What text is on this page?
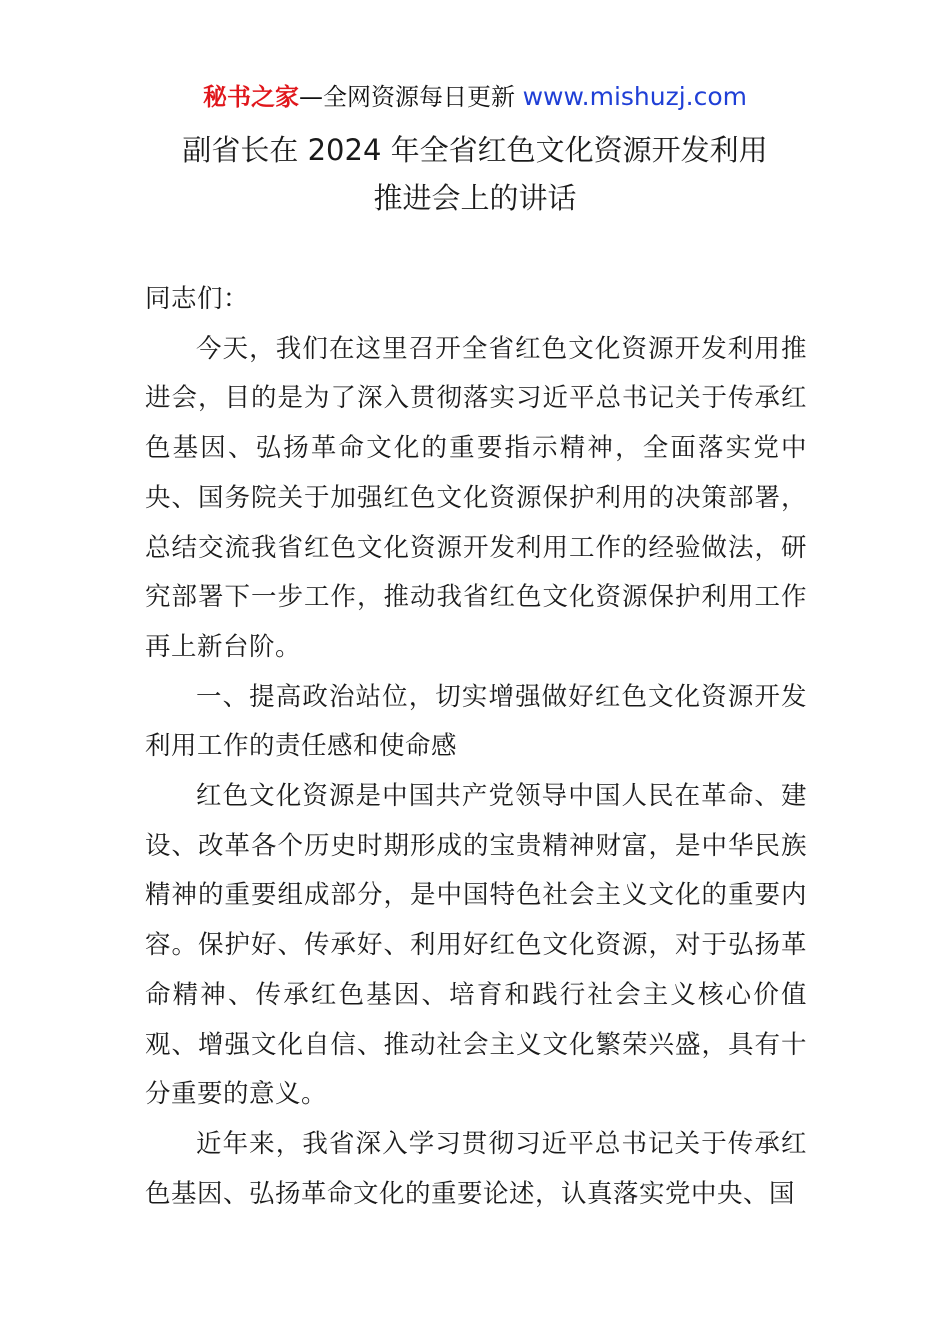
秘书之家—全网资源每日更新 www.mishuzj.com
副省长在 2024 年全省红色文化资源开发利用
推进会上的讲话

同志们：

今天，我们在这里召开全省红色文化资源开发利用推进会，目的是为了深入贯彻落实习近平总书记关于传承红色基因、弘扬革命文化的重要指示精神，全面落实党中央、国务院关于加强红色文化资源保护利用的决策部署，总结交流我省红色文化资源开发利用工作的经验做法，研究部署下一步工作，推动我省红色文化资源保护利用工作再上新台阶。

一、提高政治站位，切实增强做好红色文化资源开发利用工作的责任感和使命感

红色文化资源是中国共产党领导中国人民在革命、建设、改革各个历史时期形成的宝贵精神财富，是中华民族精神的重要组成部分，是中国特色社会主义文化的重要内容。保护好、传承好、利用好红色文化资源，对于弘扬革命精神、传承红色基因、培育和践行社会主义核心价值观、增强文化自信、推动社会主义文化繁荣兴盛，具有十分重要的意义。

近年来，我省深入学习贯彻习近平总书记关于传承红色基因、弘扬革命文化的重要论述，认真落实党中央、国
